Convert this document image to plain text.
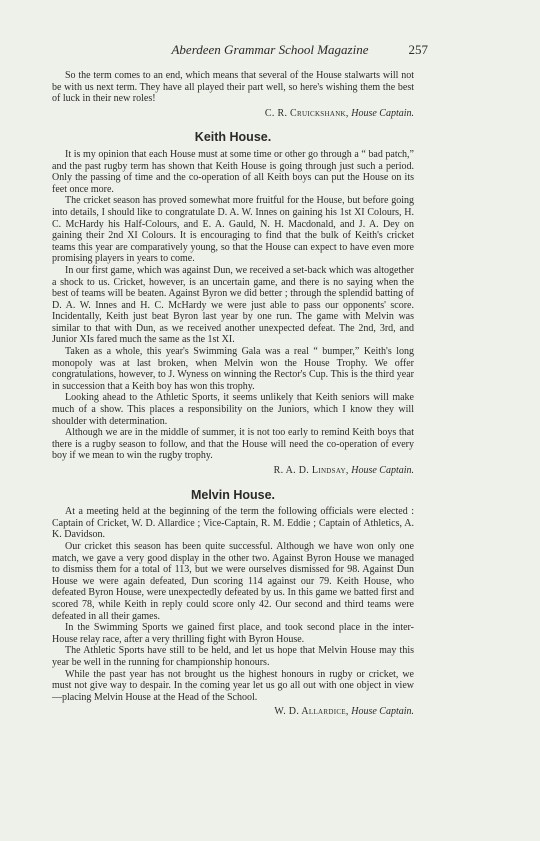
Aberdeen Grammar School Magazine	257

So the term comes to an end, which means that several of the House stalwarts will not be with us next term. They have all played their part well, so here's wishing them the best of luck in their new roles!

C. R. Cruickshank, House Captain.

Keith House.

It is my opinion that each House must at some time or other go through a “ bad patch,” and the past rugby term has shown that Keith House is going through just such a period. Only the passing of time and the co-operation of all Keith boys can put the House on its feet once more.

The cricket season has proved somewhat more fruitful for the House, but before going into details, I should like to congratulate D. A. W. Innes on gaining his 1st XI Colours, H. C. McHardy his Half-Colours, and E. A. Gauld, N. H. Macdonald, and J. A. Dey on gaining their 2nd XI Colours. It is encouraging to find that the bulk of Keith's cricket teams this year are comparatively young, so that the House can expect to have even more promising players in years to come.

In our first game, which was against Dun, we received a set-back which was altogether a shock to us. Cricket, however, is an uncertain game, and there is no saying when the best of teams will be beaten. Against Byron we did better ; through the splendid batting of D. A. W. Innes and H. C. McHardy we were just able to pass our opponents' score. Incidentally, Keith just beat Byron last year by one run. The game with Melvin was similar to that with Dun, as we received another unexpected defeat. The 2nd, 3rd, and Junior XIs fared much the same as the 1st XI.

Taken as a whole, this year's Swimming Gala was a real “ bumper,” Keith's long monopoly was at last broken, when Melvin won the House Trophy. We offer congratulations, however, to J. Wyness on winning the Rector's Cup. This is the third year in succession that a Keith boy has won this trophy.

Looking ahead to the Athletic Sports, it seems unlikely that Keith seniors will make much of a show. This places a responsibility on the Juniors, which I know they will shoulder with determination.

Although we are in the middle of summer, it is not too early to remind Keith boys that there is a rugby season to follow, and that the House will need the co-operation of every boy if we mean to win the rugby trophy.

R. A. D. Lindsay, House Captain.

Melvin House.

At a meeting held at the beginning of the term the following officials were elected : Captain of Cricket, W. D. Allardice ; Vice-Captain, R. M. Eddie ; Captain of Athletics, A. K. Davidson.

Our cricket this season has been quite successful. Although we have won only one match, we gave a very good display in the other two. Against Byron House we managed to dismiss them for a total of 113, but we were ourselves dismissed for 98. Against Dun House we were again defeated, Dun scoring 114 against our 79. Keith House, who defeated Byron House, were unexpectedly defeated by us. In this game we batted first and scored 78, while Keith in reply could score only 42. Our second and third teams were defeated in all their games.

In the Swimming Sports we gained first place, and took second place in the inter-House relay race, after a very thrilling fight with Byron House.

The Athletic Sports have still to be held, and let us hope that Melvin House may this year be well in the running for championship honours.

While the past year has not brought us the highest honours in rugby or cricket, we must not give way to despair. In the coming year let us go all out with one object in view—placing Melvin House at the Head of the School.

W. D. Allardice, House Captain.
